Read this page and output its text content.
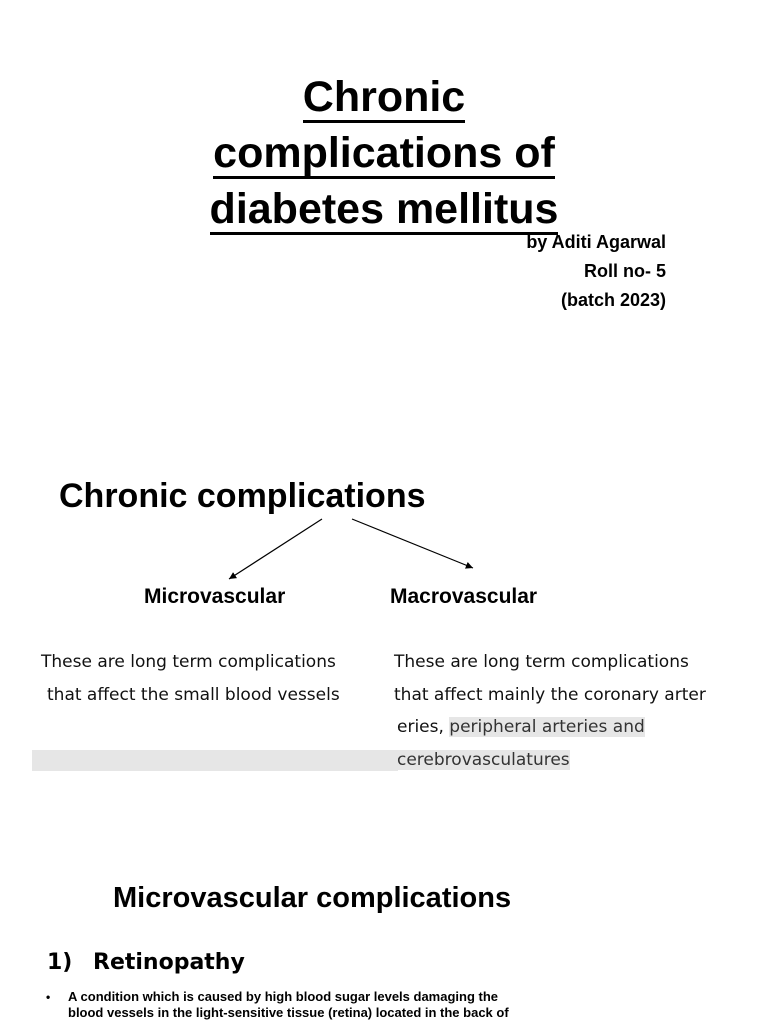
Chronic
complications of
diabetes mellitus
by Aditi Agarwal
Roll no- 5
(batch 2023)
Chronic complications
Microvascular	Macrovascular
These are long term complications
that affect the small blood vessels
These are long term complications
that affect mainly the coronary arter
eries, peripheral arteries and
cerebrovasculatures
Microvascular complications
1) Retinopathy
• A condition which is caused by high blood sugar levels damaging the
blood vessels in the light-sensitive tissue (retina) located in the back of
